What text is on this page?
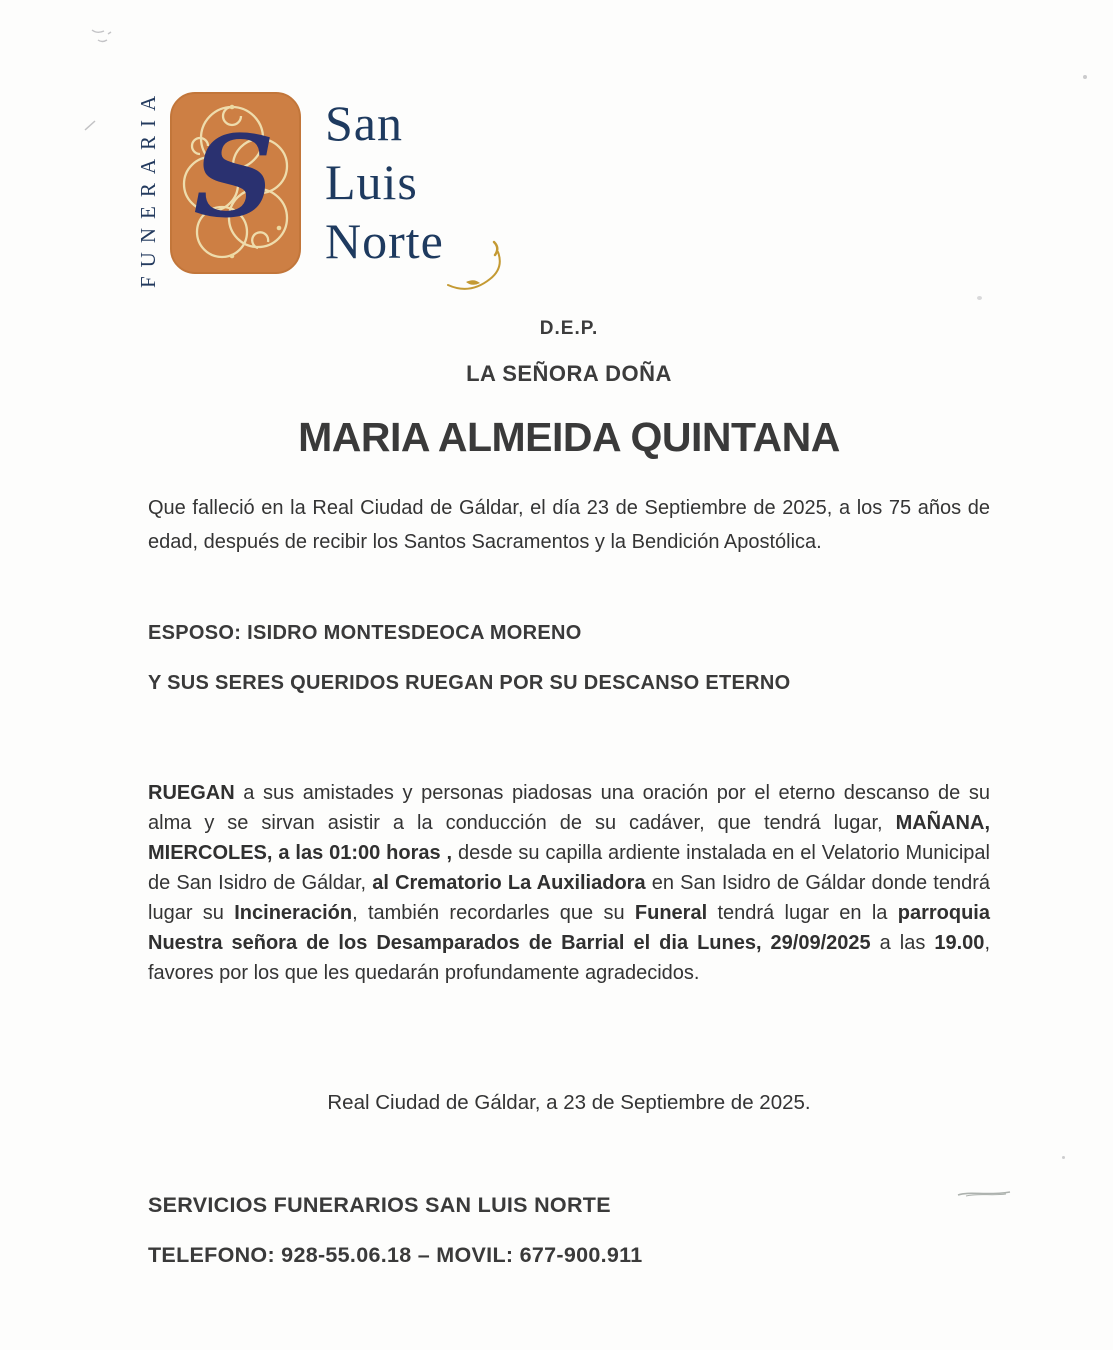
FUNERARIA S San
Luis
Norte
D.E.P.
LA SEÑORA DOÑA
MARIA ALMEIDA QUINTANA
Que falleció en la Real Ciudad de Gáldar, el día 23 de Septiembre de 2025, a los 75 años de edad, después de recibir los Santos Sacramentos y la Bendición Apostólica.
ESPOSO: ISIDRO MONTESDEOCA MORENO
Y SUS SERES QUERIDOS RUEGAN POR SU DESCANSO ETERNO
RUEGAN a sus amistades y personas piadosas una oración por el eterno descanso de su alma y se sirvan asistir a la conducción de su cadáver, que tendrá lugar, MAÑANA, MIERCOLES, a las 01:00 horas , desde su capilla ardiente instalada en el Velatorio Municipal de San Isidro de Gáldar, al Crematorio La Auxiliadora en San Isidro de Gáldar donde tendrá lugar su Incineración, también recordarles que su Funeral tendrá lugar en la parroquia Nuestra señora de los Desamparados de Barrial el dia Lunes, 29/09/2025 a las 19.00, favores por los que les quedarán profundamente agradecidos.
Real Ciudad de Gáldar, a 23 de Septiembre de 2025.
SERVICIOS FUNERARIOS SAN LUIS NORTE
TELEFONO: 928-55.06.18 – MOVIL: 677-900.911
